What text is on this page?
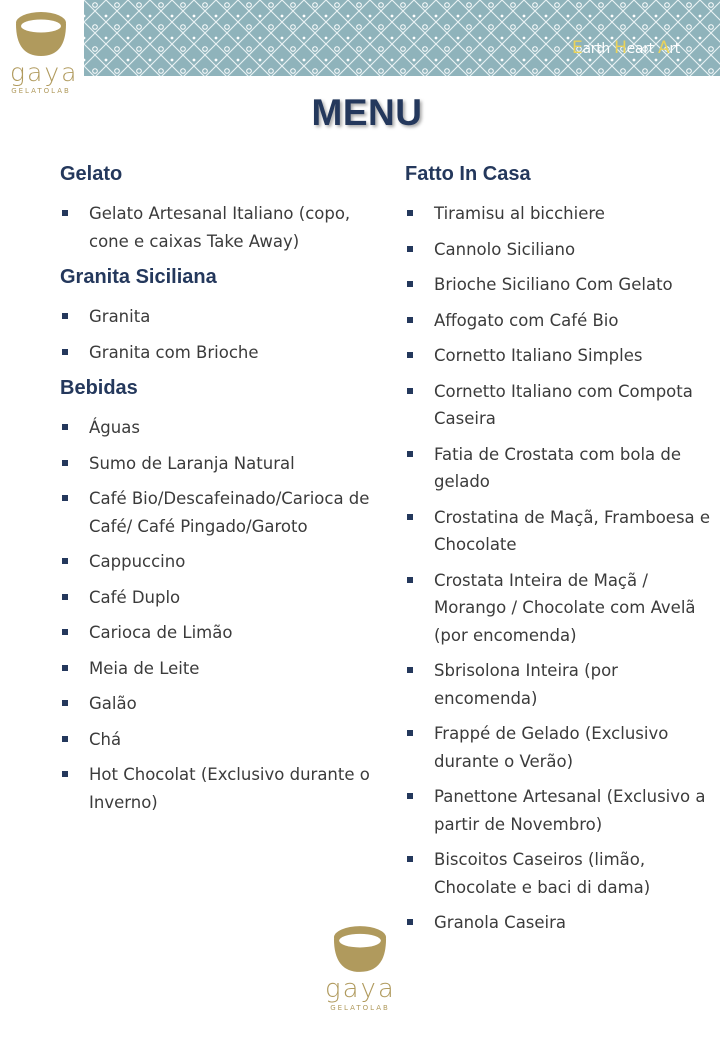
gaya
GELATOLAB
Earth Heart Art
MENU
Gelato
Gelato Artesanal Italiano (copo, cone e caixas Take Away)
Granita Siciliana
Granita
Granita com Brioche
Bebidas
Águas
Sumo de Laranja Natural
Café Bio/Descafeinado/Carioca de Café/ Café Pingado/Garoto
Cappuccino
Café Duplo
Carioca de Limão
Meia de Leite
Galão
Chá
Hot Chocolat (Exclusivo durante o Inverno)
Fatto In Casa
Tiramisu al bicchiere
Cannolo Siciliano
Brioche Siciliano Com Gelato
Affogato com Café Bio
Cornetto Italiano Simples
Cornetto Italiano com Compota Caseira
Fatia de Crostata com bola de gelado
Crostatina de Maçã, Framboesa e Chocolate
Crostata Inteira de Maçã / Morango / Chocolate com Avelã (por encomenda)
Sbrisolona Inteira (por encomenda)
Frappé de Gelado (Exclusivo durante o Verão)
Panettone Artesanal (Exclusivo a partir de Novembro)
Biscoitos Caseiros (limão, Chocolate e baci di dama)
Granola Caseira
gaya
GELATOLAB
